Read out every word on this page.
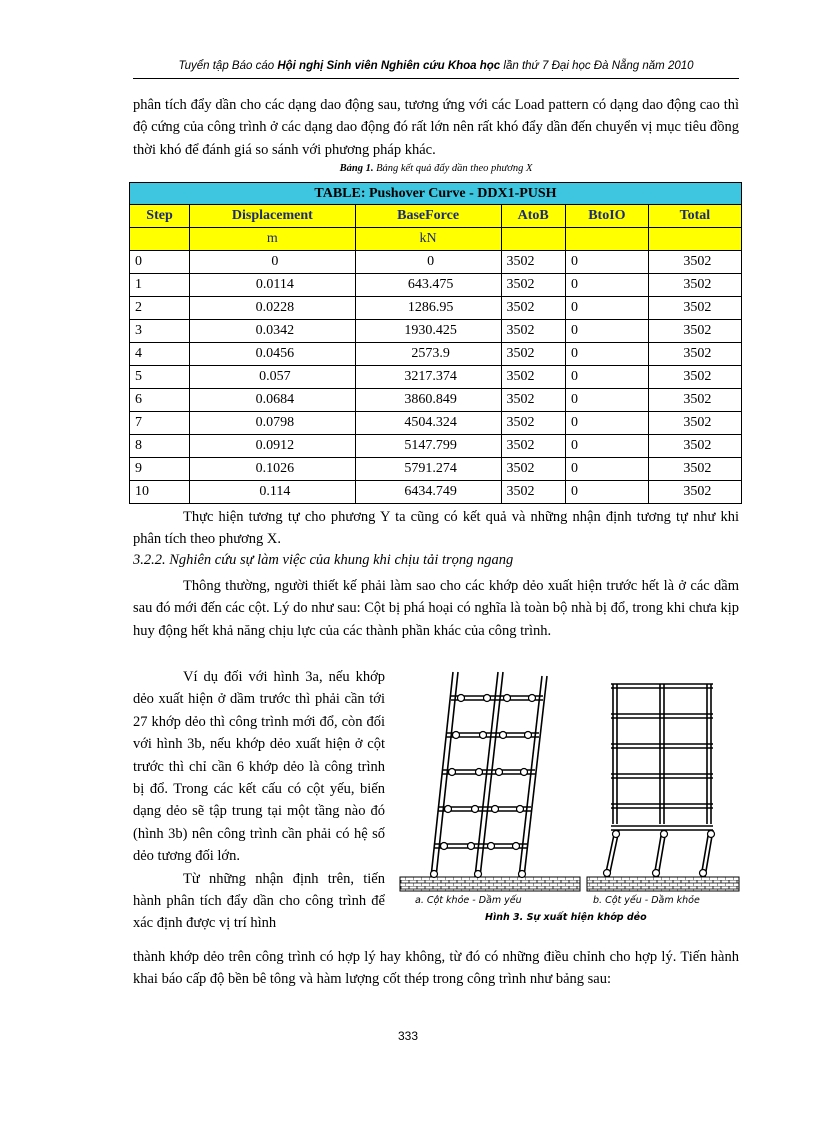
Tuyển tập Báo cáo Hội nghị Sinh viên Nghiên cứu Khoa học lần thứ 7 Đại học Đà Nẵng năm 2010
phân tích đẩy dần cho các dạng dao động sau, tương ứng với các Load pattern có dạng dao động cao thì độ cứng của công trình ở các dạng dao động đó rất lớn nên rất khó đẩy dần đến chuyển vị mục tiêu đồng thời khó để đánh giá so sánh với phương pháp khác.
Bảng 1. Bảng kết quả đẩy dần theo phương X
TABLE: Pushover Curve - DDX1-PUSH					
Step	Displacement	BaseForce	AtoB	BtoIO	Total
	m	kN			
0	0	0	3502	0	3502
1	0.0114	643.475	3502	0	3502
2	0.0228	1286.95	3502	0	3502
3	0.0342	1930.425	3502	0	3502
4	0.0456	2573.9	3502	0	3502
5	0.057	3217.374	3502	0	3502
6	0.0684	3860.849	3502	0	3502
7	0.0798	4504.324	3502	0	3502
8	0.0912	5147.799	3502	0	3502
9	0.1026	5791.274	3502	0	3502
10	0.114	6434.749	3502	0	3502
Thực hiện tương tự cho phương Y ta cũng có kết quả và những nhận định tương tự như khi phân tích theo phương X.
3.2.2. Nghiên cứu sự làm việc của khung khi chịu tải trọng ngang
Thông thường, người thiết kế phải làm sao cho các khớp dẻo xuất hiện trước hết là ở các dầm sau đó mới đến các cột. Lý do như sau: Cột bị phá hoại có nghĩa là toàn bộ nhà bị đổ, trong khi chưa kịp huy động hết khả năng chịu lực của các thành phần khác của công trình.

Ví dụ đối với hình 3a, nếu khớp dẻo xuất hiện ở dầm trước thì phải cần tới 27 khớp dẻo thì công trình mới đổ, còn đối với hình 3b, nếu khớp dẻo xuất hiện ở cột trước thì chỉ cần 6 khớp dẻo là công trình bị đổ. Trong các kết cấu có cột yếu, biến dạng dẻo sẽ tập trung tại một tầng nào đó (hình 3b) nên công trình cần phải có hệ số dẻo tương đối lớn.

Từ những nhận định trên, tiến hành phân tích đẩy dần cho công trình để xác định được vị trí hình

a. Cột khỏe - Dầm yếu	b. Cột yếu - Dầm khỏe
Hình 3. Sự xuất hiện khớp dẻo
thành khớp dẻo trên công trình có hợp lý hay không, từ đó có những điều chỉnh cho hợp lý. Tiến hành khai báo cấp độ bền bê tông và hàm lượng cốt thép trong công trình như bảng sau:
333
